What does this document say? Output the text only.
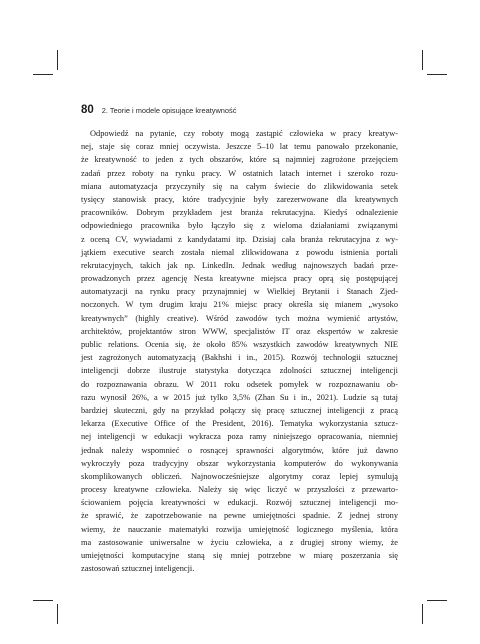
80 2. Teorie i modele opisujące kreatywność
Odpowiedź na pytanie, czy roboty mogą zastąpić człowieka w pracy kreatyw-
nej, staje się coraz mniej oczywista. Jeszcze 5–10 lat temu panowało przekonanie,
że kreatywność to jeden z tych obszarów, które są najmniej zagrożone przejęciem
zadań przez roboty na rynku pracy. W ostatnich latach internet i szeroko rozu-
miana automatyzacja przyczyniły się na całym świecie do zlikwidowania setek
tysięcy stanowisk pracy, które tradycyjnie były zarezerwowane dla kreatywnych
pracowników. Dobrym przykładem jest branża rekrutacyjna. Kiedyś odnalezienie
odpowiedniego pracownika było łączyło się z wieloma działaniami związanymi
z oceną CV, wywiadami z kandydatami itp. Dzisiaj cała branża rekrutacyjna z wy-
jątkiem executive search została niemal zlikwidowana z powodu istnienia portali
rekrutacyjnych, takich jak np. LinkedIn. Jednak według najnowszych badań prze-
prowadzonych przez agencję Nesta kreatywne miejsca pracy oprą się postępującej
automatyzacji na rynku pracy przynajmniej w Wielkiej Brytanii i Stanach Zjed-
noczonych. W tym drugim kraju 21% miejsc pracy określa się mianem „wysoko
kreatywnych” (highly creative). Wśród zawodów tych można wymienić artystów,
architektów, projektantów stron WWW, specjalistów IT oraz ekspertów w zakresie
public relations. Ocenia się, że około 85% wszystkich zawodów kreatywnych NIE
jest zagrożonych automatyzacją (Bakhshi i in., 2015). Rozwój technologii sztucznej
inteligencji dobrze ilustruje statystyka dotycząca zdolności sztucznej inteligencji
do rozpoznawania obrazu. W 2011 roku odsetek pomyłek w rozpoznawaniu ob-
razu wynosił 26%, a w 2015 już tylko 3,5% (Zhan Su i in., 2021). Ludzie są tutaj
bardziej skuteczni, gdy na przykład połączy się pracę sztucznej inteligencji z pracą
lekarza (Executive Office of the President, 2016). Tematyka wykorzystania sztucz-
nej inteligencji w edukacji wykracza poza ramy niniejszego opracowania, niemniej
jednak należy wspomnieć o rosnącej sprawności algorytmów, które już dawno
wykroczyły poza tradycyjny obszar wykorzystania komputerów do wykonywania
skomplikowanych obliczeń. Najnowocześniejsze algorytmy coraz lepiej symulują
procesy kreatywne człowieka. Należy się więc liczyć w przyszłości z przewarto-
ściowaniem pojęcia kreatywności w edukacji. Rozwój sztucznej inteligencji mo-
że sprawić, że zapotrzebowanie na pewne umiejętności spadnie. Z jednej strony
wiemy, że nauczanie matematyki rozwija umiejętność logicznego myślenia, która
ma zastosowanie uniwersalne w życiu człowieka, a z drugiej strony wiemy, że
umiejętności komputacyjne staną się mniej potrzebne w miarę poszerzania się
zastosowań sztucznej inteligencji.
